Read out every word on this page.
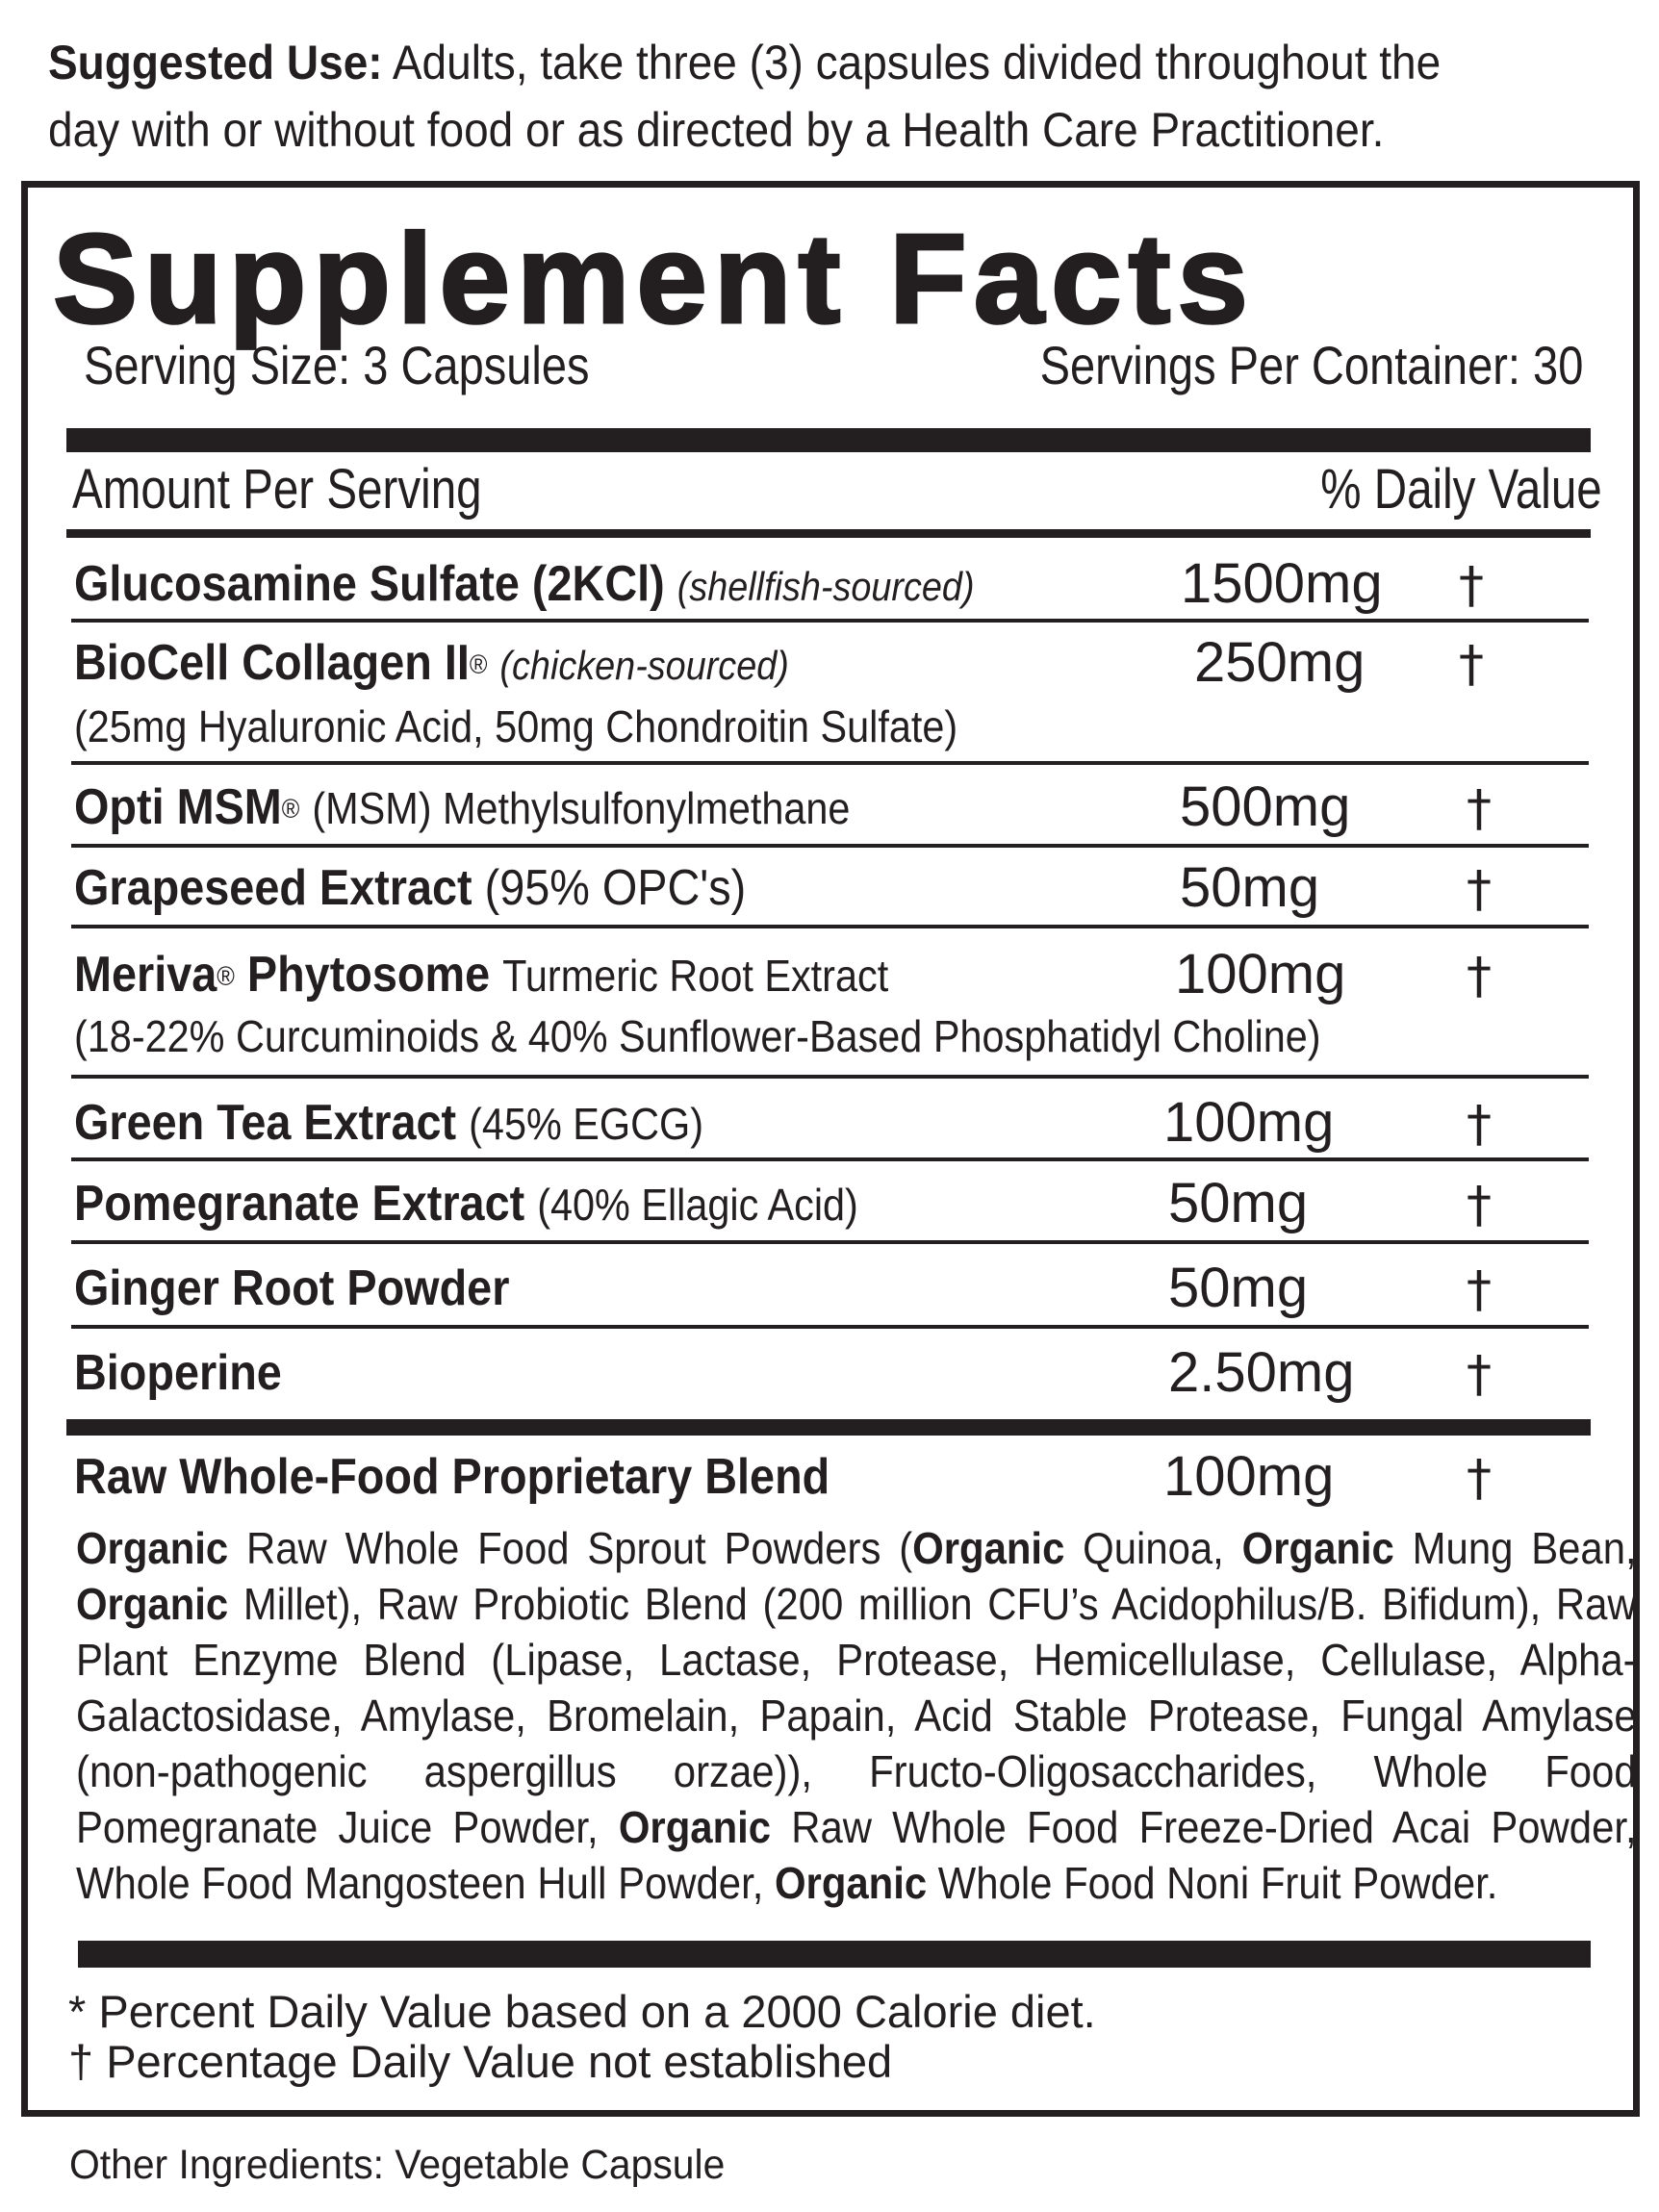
Suggested Use: Adults, take three (3) capsules divided throughout the day with or without food or as directed by a Health Care Practitioner.
Supplement Facts
Serving Size: 3 Capsules	Servings Per Container: 30
Amount Per Serving	% Daily Value
Glucosamine Sulfate (2KCl) (shellfish-sourced)	1500mg †
BioCell Collagen II® (chicken-sourced)	250mg †
(25mg Hyaluronic Acid, 50mg Chondroitin Sulfate)
Opti MSM® (MSM) Methylsulfonylmethane	500mg †
Grapeseed Extract (95% OPC's)	50mg	†
Meriva® Phytosome Turmeric Root Extract	100mg †
(18-22% Curcuminoids & 40% Sunflower-Based Phosphatidyl Choline)
Green Tea Extract (45% EGCG)	100mg	†
Pomegranate Extract (40% Ellagic Acid)	50mg	†
Ginger Root Powder	50mg	†
Bioperine	2.50mg †
Raw Whole-Food Proprietary Blend	100mg	†
Organic Raw Whole Food Sprout Powders (Organic Quinoa, Organic Mung Bean, Organic Millet), Raw Probiotic Blend (200 million CFU’s Acidophilus/B. Bifidum), Raw Plant Enzyme Blend (Lipase, Lactase, Protease, Hemicellulase, Cellulase, Alpha-Galactosidase, Amylase, Bromelain, Papain, Acid Stable Protease, Fungal Amylase (non-pathogenic aspergillus orzae)), Fructo-Oligosaccharides, Whole Food Pomegranate Juice Powder, Organic Raw Whole Food Freeze-Dried Acai Powder, Whole Food Mangosteen Hull Powder, Organic Whole Food Noni Fruit Powder.
* Percent Daily Value based on a 2000 Calorie diet.
† Percentage Daily Value not established
Other Ingredients: Vegetable Capsule
